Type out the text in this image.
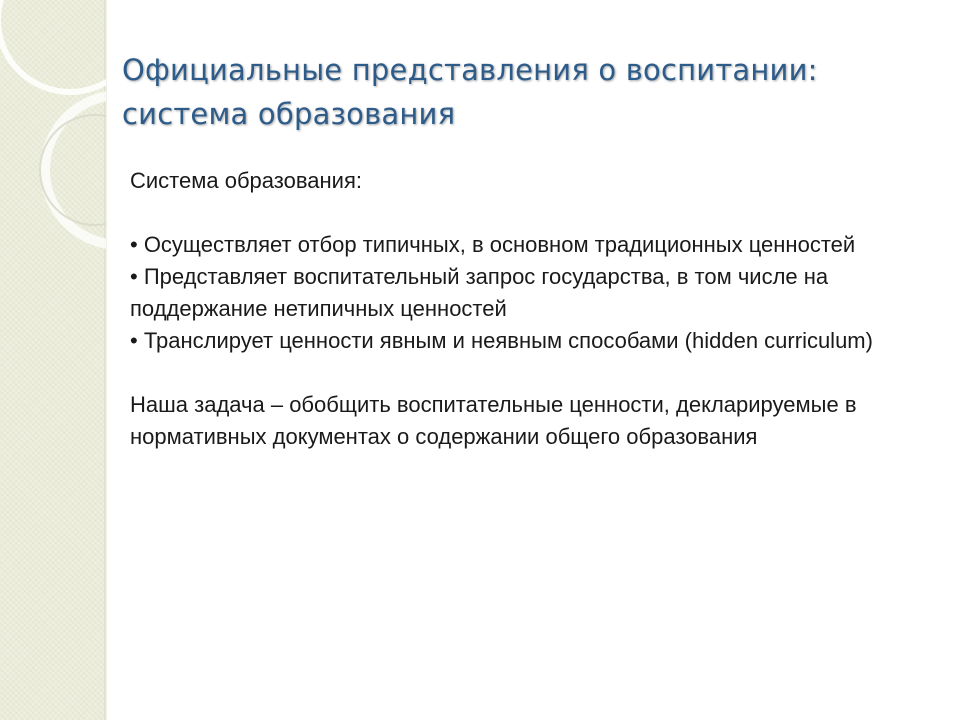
Официальные представления о воспитании:
система образования

Система образования:

• Осуществляет отбор типичных, в основном традиционных ценностей

• Представляет воспитательный запрос государства, в том числе на поддержание нетипичных ценностей

• Транслирует ценности явным и неявным способами (hidden curriculum)

Наша задача – обобщить воспитательные ценности, декларируемые в нормативных документах о содержании общего образования
